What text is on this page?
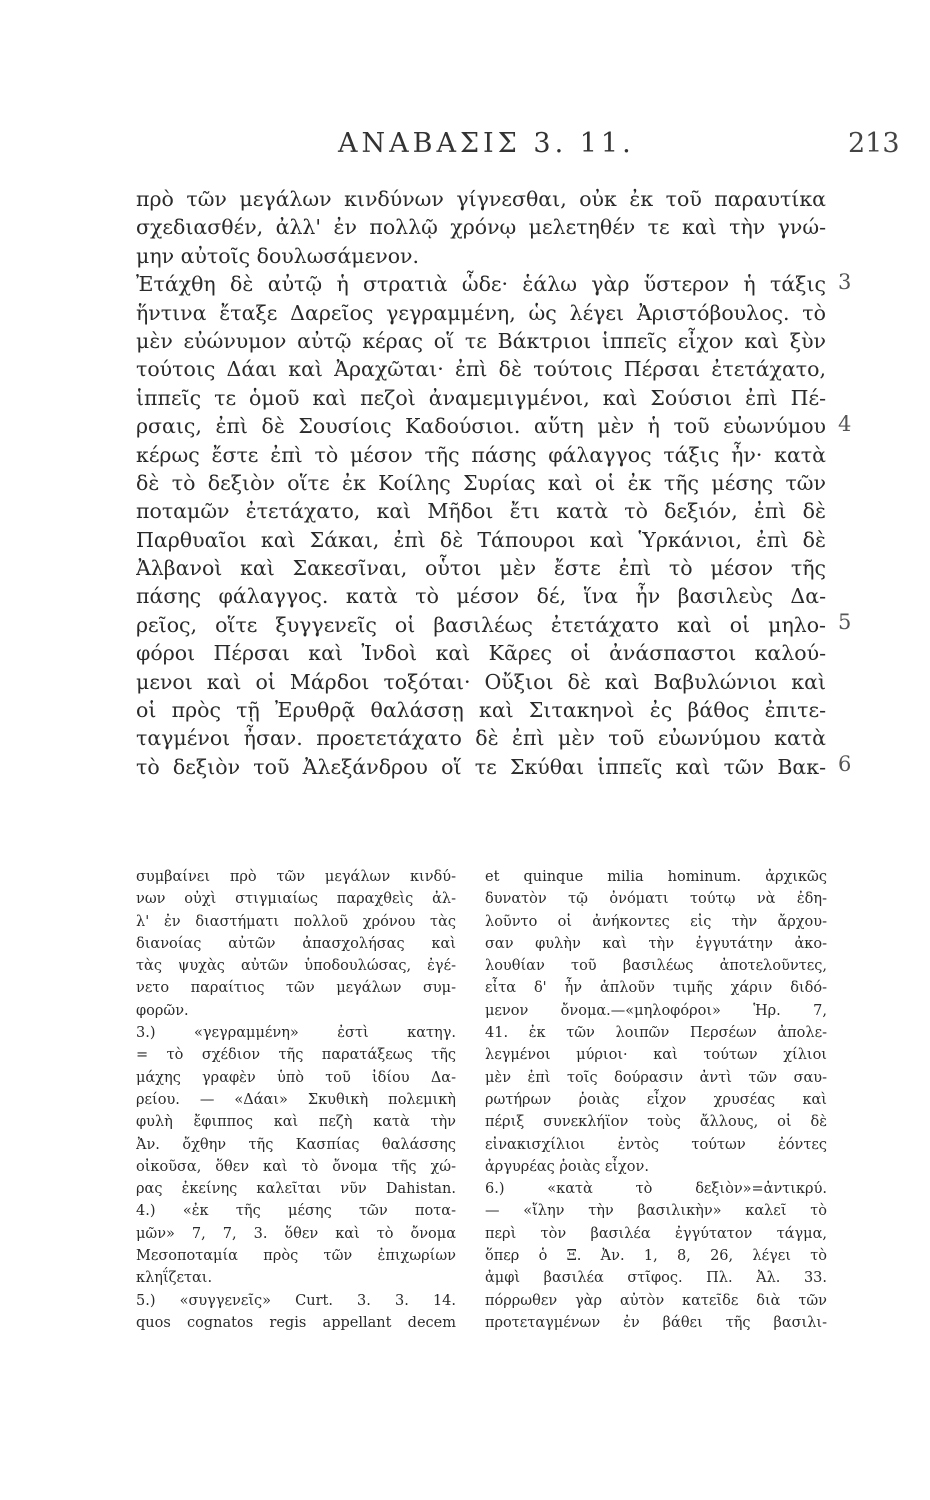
ΑΝΑΒΑΣΙΣ 3. 11.	213
πρὸ τῶν μεγάλων κινδύνων γίγνεσθαι, οὐκ ἐκ τοῦ παραυτίκα
σχεδιασθέν, ἀλλ' ἐν πολλῷ χρόνῳ μελετηθέν τε καὶ τὴν γνώ-
μην αὐτοῖς δουλωσάμενον.
Ἐτάχθη δὲ αὐτῷ ἡ στρατιὰ ὧδε· ἑάλω γὰρ ὕστερον ἡ τάξις
ἥντινα ἔταξε Δαρεῖος γεγραμμένη, ὡς λέγει Ἀριστόβουλος. τὸ
μὲν εὐώνυμον αὐτῷ κέρας οἵ τε Βάκτριοι ἱππεῖς εἶχον καὶ ξὺν
τούτοις Δάαι καὶ Ἀραχῶται· ἐπὶ δὲ τούτοις Πέρσαι ἐτετάχατο,
ἱππεῖς τε ὁμοῦ καὶ πεζοὶ ἀναμεμιγμένοι, καὶ Σούσιοι ἐπὶ Πέ-
ρσαις, ἐπὶ δὲ Σουσίοις Καδούσιοι. αὕτη μὲν ἡ τοῦ εὐωνύμου
κέρως ἔστε ἐπὶ τὸ μέσον τῆς πάσης φάλαγγος τάξις ἦν· κατὰ
δὲ τὸ δεξιὸν οἵτε ἐκ Κοίλης Συρίας καὶ οἱ ἐκ τῆς μέσης τῶν
ποταμῶν ἐτετάχατο, καὶ Μῆδοι ἔτι κατὰ τὸ δεξιόν, ἐπὶ δὲ
Παρθυαῖοι καὶ Σάκαι, ἐπὶ δὲ Τάπουροι καὶ Ὑρκάνιοι, ἐπὶ δὲ
Ἀλβανοὶ καὶ Σακεσῖναι, οὗτοι μὲν ἔστε ἐπὶ τὸ μέσον τῆς
πάσης φάλαγγος. κατὰ τὸ μέσον δέ, ἵνα ἦν βασιλεὺς Δα-
ρεῖος, οἵτε ξυγγενεῖς οἱ βασιλέως ἐτετάχατο καὶ οἱ μηλο-
φόροι Πέρσαι καὶ Ἰνδοὶ καὶ Κᾶρες οἱ ἀνάσπαστοι καλού-
μενοι καὶ οἱ Μάρδοι τοξόται· Οὔξιοι δὲ καὶ Βαβυλώνιοι καὶ
οἱ πρὸς τῇ Ἐρυθρᾷ θαλάσσῃ καὶ Σιτακηνοὶ ἐς βάθος ἐπιτε-
ταγμένοι ἦσαν. προετετάχατο δὲ ἐπὶ μὲν τοῦ εὐωνύμου κατὰ
τὸ δεξιὸν τοῦ Ἀλεξάνδρου οἵ τε Σκύθαι ἱππεῖς καὶ τῶν Βακ-
3
4
5
6
συμβαίνει πρὸ τῶν μεγάλων κινδύ-
νων οὐχὶ στιγμιαίως παραχθεὶς ἀλ-
λ' ἐν διαστήματι πολλοῦ χρόνου τὰς
διανοίας αὐτῶν ἀπασχολήσας καὶ
τὰς ψυχὰς αὐτῶν ὑποδουλώσας, ἐγέ-
νετο παραίτιος τῶν μεγάλων συμ-
φορῶν.
3.) «γεγραμμένη» ἐστὶ κατηγ.
= τὸ σχέδιον τῆς παρατάξεως τῆς
μάχης γραφὲν ὑπὸ τοῦ ἰδίου Δα-
ρείου. — «Δάαι» Σκυθικὴ πολεμικὴ
φυλὴ ἔφιππος καὶ πεζὴ κατὰ τὴν
Ἀν. ὄχθην τῆς Κασπίας θαλάσσης
οἰκοῦσα, ὅθεν καὶ τὸ ὄνομα τῆς χώ-
ρας ἐκείνης καλεῖται νῦν Dahistan.
4.) «ἐκ τῆς μέσης τῶν ποτα-
μῶν» 7, 7, 3. ὅθεν καὶ τὸ ὄνομα
Μεσοποταμία πρὸς τῶν ἐπιχωρίων
κληΐζεται.
5.) «συγγενεῖς» Curt. 3. 3. 14.
quos cognatos regis appellant decem
et quinque milia hominum. ἀρχικῶς
δυνατὸν τῷ ὀνόματι τούτῳ νὰ ἐδη-
λοῦντο οἱ ἀνήκοντες εἰς τὴν ἄρχου-
σαν φυλὴν καὶ τὴν ἐγγυτάτην ἀκο-
λουθίαν τοῦ βασιλέως ἀποτελοῦντες,
εἶτα δ' ἦν ἁπλοῦν τιμῆς χάριν διδό-
μενον ὄνομα.—«μηλοφόροι» Ἡρ. 7,
41. ἐκ τῶν λοιπῶν Περσέων ἀπολε-
λεγμένοι μύριοι· καὶ τούτων χίλιοι
μὲν ἐπὶ τοῖς δούρασιν ἀντὶ τῶν σαυ-
ρωτήρων ῥοιὰς εἶχον χρυσέας καὶ
πέριξ συνεκλήϊον τοὺς ἄλλους, οἱ δὲ
εἰνακισχίλιοι ἐντὸς τούτων ἐόντες
ἀργυρέας ῥοιὰς εἶχον.
6.) «κατὰ τὸ δεξιὸν»=ἀντικρύ.
— «ἴλην τὴν βασιλικὴν» καλεῖ τὸ
περὶ τὸν βασιλέα ἐγγύτατον τάγμα,
ὅπερ ὁ Ξ. Ἀν. 1, 8, 26, λέγει τὸ
ἀμφὶ βασιλέα στῖφος. Πλ. Ἀλ. 33.
πόρρωθεν γὰρ αὐτὸν κατεῖδε διὰ τῶν
προτεταγμένων ἐν βάθει τῆς βασιλι-
